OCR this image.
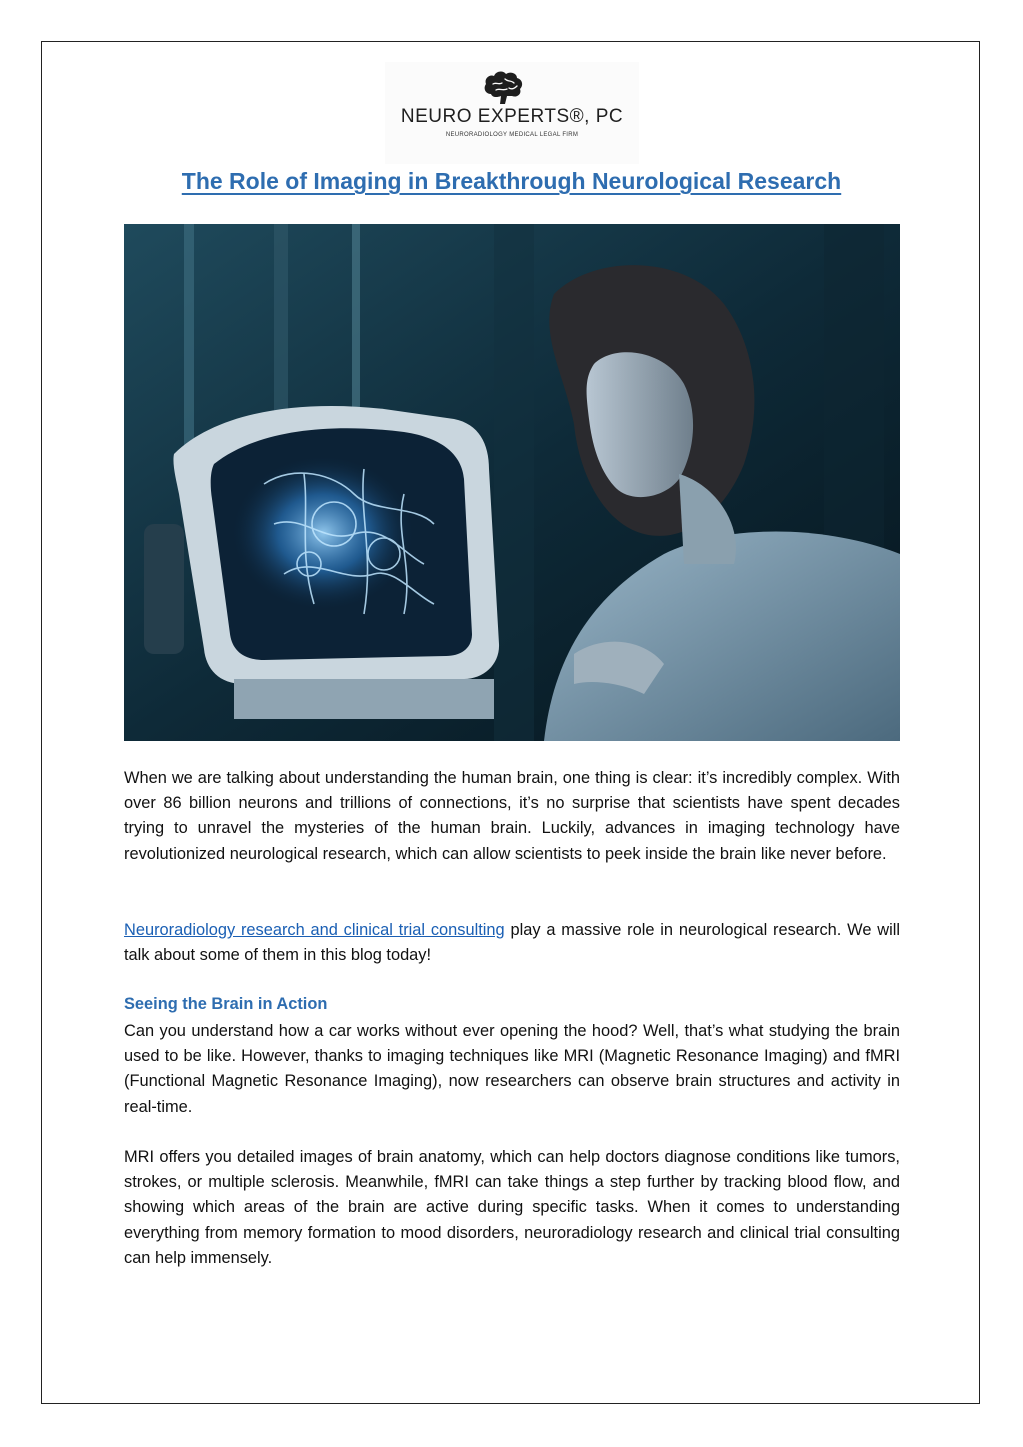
NEURO EXPERTS®, PC
NEURORADIOLOGY MEDICAL LEGAL FIRM
The Role of Imaging in Breakthrough Neurological Research

When we are talking about understanding the human brain, one thing is clear: it’s incredibly complex. With over 86 billion neurons and trillions of connections, it’s no surprise that scientists have spent decades trying to unravel the mysteries of the human brain. Luckily, advances in imaging technology have revolutionized neurological research, which can allow scientists to peek inside the brain like never before.

Neuroradiology research and clinical trial consulting play a massive role in neurological research. We will talk about some of them in this blog today!

Seeing the Brain in Action

Can you understand how a car works without ever opening the hood? Well, that’s what studying the brain used to be like. However, thanks to imaging techniques like MRI (Magnetic Resonance Imaging) and fMRI (Functional Magnetic Resonance Imaging), now researchers can observe brain structures and activity in real-time.

MRI offers you detailed images of brain anatomy, which can help doctors diagnose conditions like tumors, strokes, or multiple sclerosis. Meanwhile, fMRI can take things a step further by tracking blood flow, and showing which areas of the brain are active during specific tasks. When it comes to understanding everything from memory formation to mood disorders, neuroradiology research and clinical trial consulting can help immensely.
